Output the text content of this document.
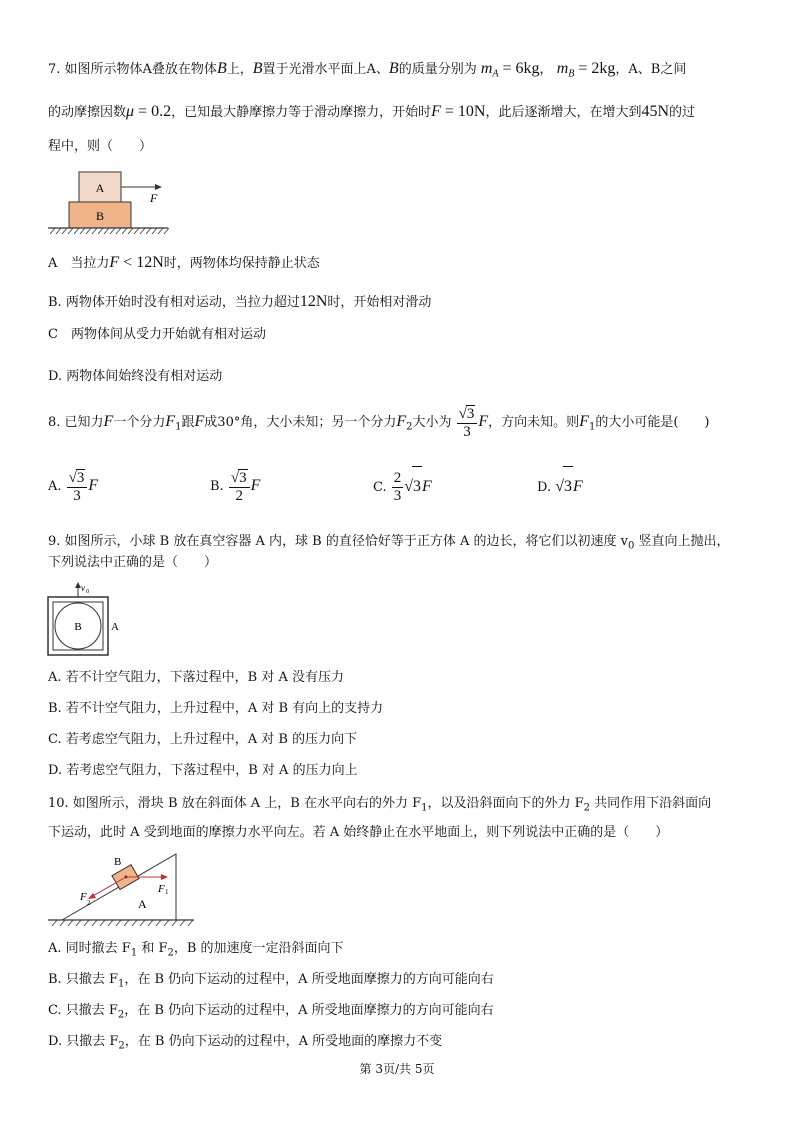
7. 如图所示物体A叠放在物体B上，B置于光滑水平面上A、B的质量分别为 $m_A = 6kg$， $m_B = 2kg$，A、B之间
的动摩擦因数μ = 0.2，已知最大静摩擦力等于滑动摩擦力，开始时F = 10N，此后逐渐增大，在增大到45N的过
程中，则（　　）
A
B
F
A　当拉力F < 12N时，两物体均保持静止状态
B. 两物体开始时没有相对运动，当拉力超过12N时，开始相对滑动
C　两物体间从受力开始就有相对运动
D. 两物体间始终没有相对运动
8. 已知力F一个分力$F_1$跟F成30°角，大小未知；另一个分力$F_2$大小为 $\frac{√3}{3}$ F，方向未知。则$F_1$的大小可能是(　　)
A. $\frac{√3}{3}$ F	B. $\frac{√3}{2}$ F	C. $\frac{2}{3} √3F$	D. √3F
9. 如图所示，小球 B 放在真空容器 A 内，球 B 的直径恰好等于正方体 A 的边长，将它们以初速度 $v_0$ 竖直向上抛出，
下列说法中正确的是（　　）
v 0
B	A
A. 若不计空气阻力，下落过程中，B 对 A 没有压力
B. 若不计空气阻力，上升过程中，A 对 B 有向上的支持力
C. 若考虑空气阻力，上升过程中，A 对 B 的压力向下
D. 若考虑空气阻力，下落过程中，B 对 A 的压力向上
10. 如图所示，滑块 B 放在斜面体 A 上，B 在水平向右的外力 $F_1$，以及沿斜面向下的外力 $F_2$ 共同作用下沿斜面向
下运动，此时 A 受到地面的摩擦力水平向左。若 A 始终静止在水平地面上，则下列说法中正确的是（　　）
B
F 1
F 2	A
A. 同时撤去 $F_1$ 和 $F_2$，B 的加速度一定沿斜面向下
B. 只撤去 $F_1$，在 B 仍向下运动的过程中，A 所受地面摩擦力的方向可能向右
C. 只撤去 $F_2$，在 B 仍向下运动的过程中，A 所受地面摩擦力的方向可能向右
D. 只撤去 $F_2$，在 B 仍向下运动的过程中，A 所受地面的摩擦力不变
第 3页/共 5页
